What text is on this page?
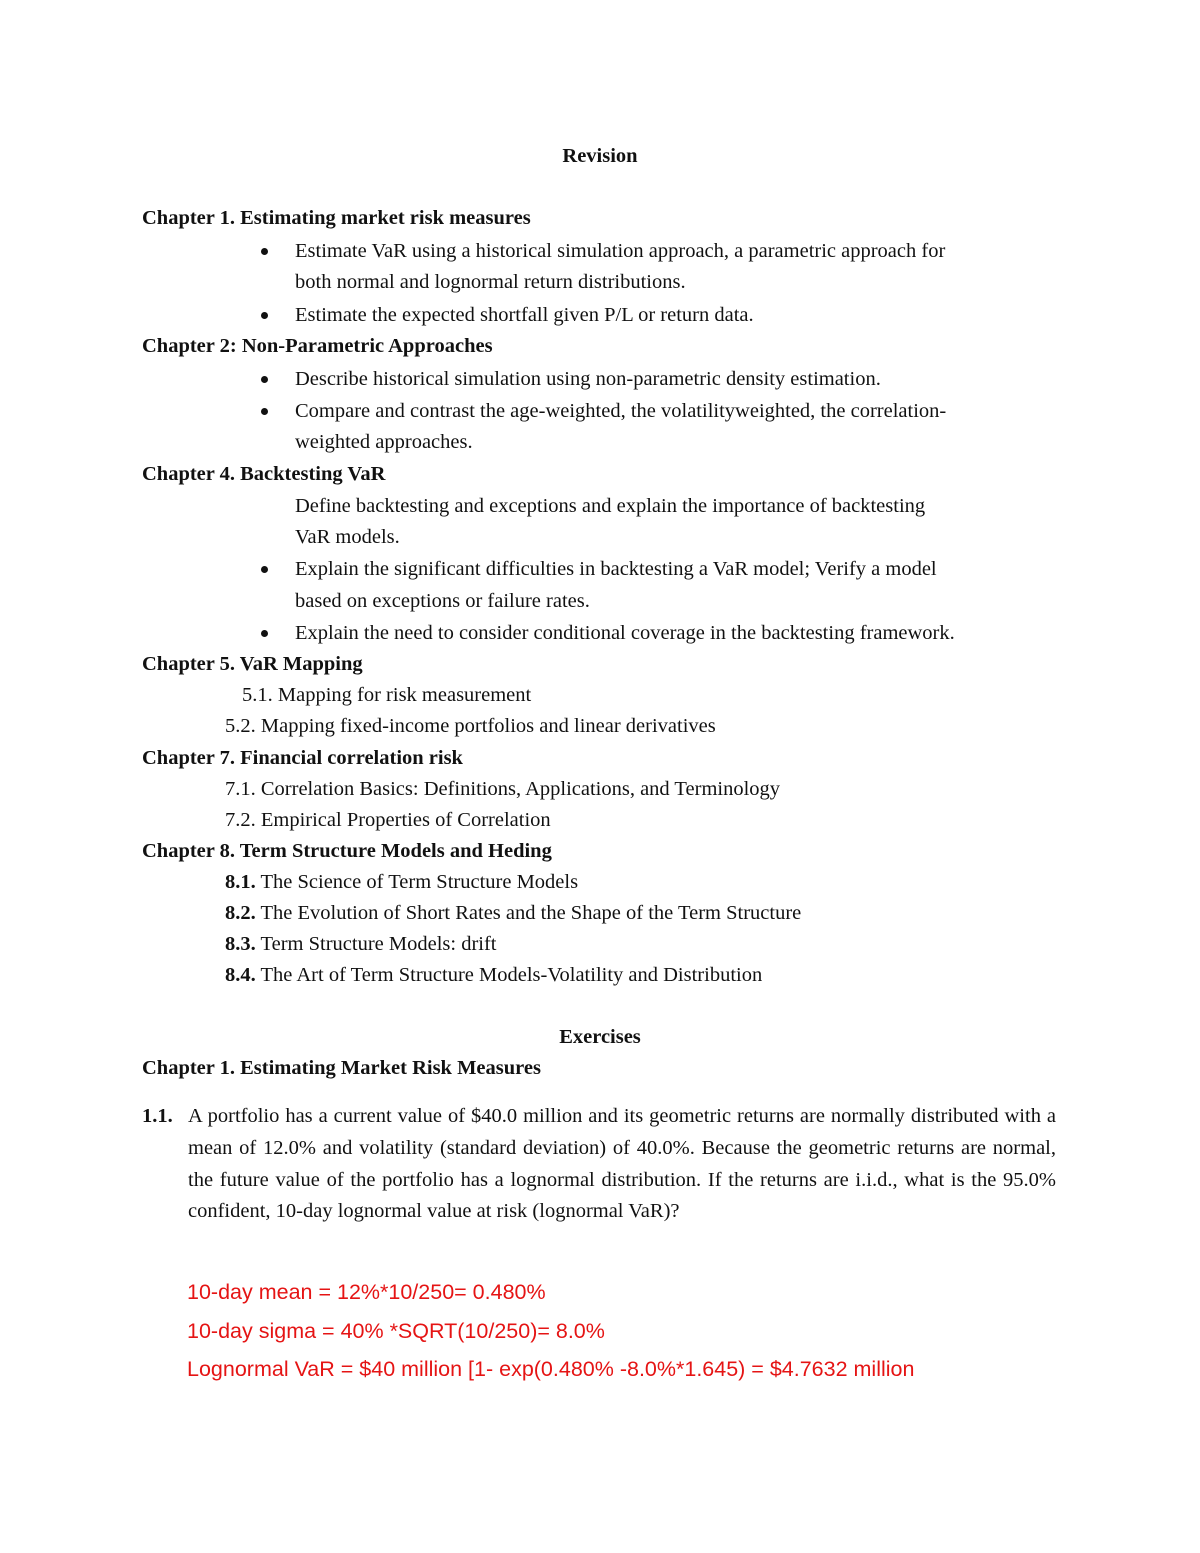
Revision
Chapter 1. Estimating market risk measures
Estimate VaR using a historical simulation approach, a parametric approach for
both normal and lognormal return distributions.
Estimate the expected shortfall given P/L or return data.
Chapter 2: Non-Parametric Approaches
Describe historical simulation using non-parametric density estimation.
Compare and contrast the age-weighted, the volatilityweighted, the correlation-
weighted approaches.
Chapter 4. Backtesting VaR
Define backtesting and exceptions and explain the importance of backtesting
VaR models.
Explain the significant difficulties in backtesting a VaR model; Verify a model
based on exceptions or failure rates.
Explain the need to consider conditional coverage in the backtesting framework.
Chapter 5. VaR Mapping
5.1. Mapping for risk measurement
5.2. Mapping fixed-income portfolios and linear derivatives
Chapter 7. Financial correlation risk
7.1. Correlation Basics: Definitions, Applications, and Terminology
7.2. Empirical Properties of Correlation
Chapter 8. Term Structure Models and Heding
8.1. The Science of Term Structure Models
8.2. The Evolution of Short Rates and the Shape of the Term Structure
8.3. Term Structure Models: drift
8.4. The Art of Term Structure Models-Volatility and Distribution
Exercises
Chapter 1. Estimating Market Risk Measures
1.1. A portfolio has a current value of $40.0 million and its geometric returns are normally distributed with a mean of 12.0% and volatility (standard deviation) of 40.0%. Because the geometric returns are normal, the future value of the portfolio has a lognormal distribution. If the returns are i.i.d., what is the 95.0% confident, 10-day lognormal value at risk (lognormal VaR)?
10-day mean = 12%*10/250= 0.480%
10-day sigma = 40% *SQRT(10/250)= 8.0%
Lognormal VaR = $40 million [1- exp(0.480% -8.0%*1.645) = $4.7632 million
